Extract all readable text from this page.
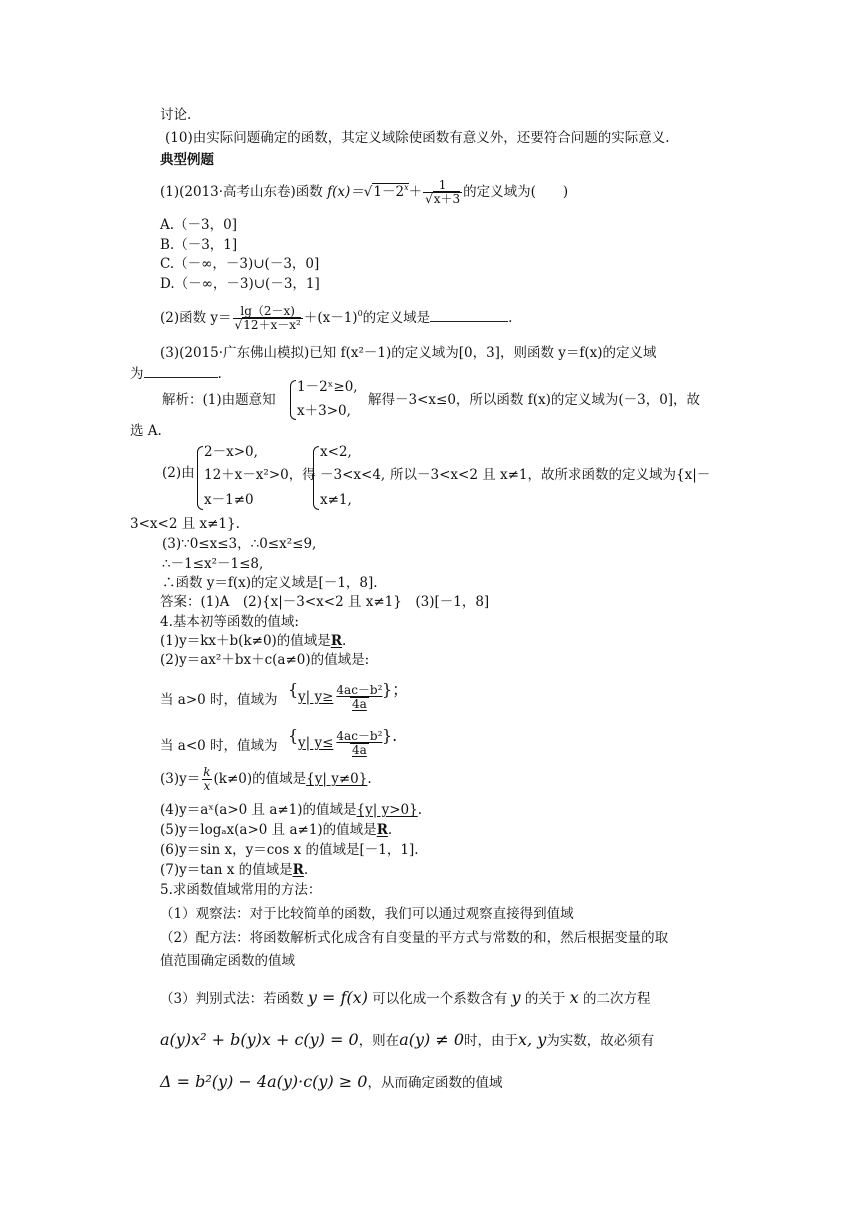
讨论.
(10)由实际问题确定的函数，其定义域除使函数有意义外，还要符合问题的实际意义.
典型例题
(1)(2013·高考山东卷)函数 $f(x)=√1-2^x+ \frac{1}{√x+3}$ 的定义域为(　　)
A.（－3，0]
B.（－3，1]
C.（－∞，－3)∪(－3，0]
D.（－∞，－3)∪(－3，1]
(2)函数 $y= \frac{\lg(2-x)}{\text{√12＋x－x²}} +(x-1)^0$的定义域是	.
(3)(2015·广东佛山模拟)已知 f(x²－1)的定义域为[0，3]，则函数 y＝f(x)的定义域
为	.
解析：(1)由题意知
1－2ˣ≥0,
x＋3>0,
解得－3<x≤0，所以函数 f(x)的定义域为(－3，0]，故
选 A.
(2)由
2－x>0,
12＋x－x²>0，得
x－1≠0
x<2,
－3<x<4,
x≠1,
所以－3<x<2 且 x≠1，故所求函数的定义域为{x|－
3<x<2 且 x≠1}.
(3)∵0≤x≤3，∴0≤x²≤9,
∴－1≤x²－1≤8,
∴函数 y＝f(x)的定义域是[－1，8].
答案：(1)A　(2){x|－3<x<2 且 x≠1}　(3)[－1，8]
4.基本初等函数的值域:
(1)y＝kx＋b(k≠0)的值域是R.
(2)y＝ax²＋bx＋c(a≠0)的值域是:
当 a>0 时，值域为
{ y| $y\ge \frac{\text{4ac－b²}}{4a}$
}；
当 a<0 时，值域为
{ y| $y\le \frac{\text{4ac－b²}}{4a}$
}.
$(3)y= \frac{k}{x} (k\ne 0)$的值域是{y| y≠0}.
(4)y＝aˣ(a>0 且 a≠1)的值域是{y| y>0}.
(5)y＝logₐx(a>0 且 a≠1)的值域是R.
(6)y＝sin x，y＝cos x 的值域是[－1，1].
(7)y＝tan x 的值域是R.
5.求函数值域常用的方法：
（1）观察法：对于比较简单的函数，我们可以通过观察直接得到值域
（2）配方法：将函数解析式化成含有自变量的平方式与常数的和，然后根据变量的取
值范围确定函数的值域
（3）判别式法：若函数 y = f(x) 可以化成一个系数含有 y 的关于 x 的二次方程
a(y)x² + b(y)x + c(y) = 0，则在a(y) ≠ 0时，由于x, y为实数，故必须有
Δ = b²(y) − 4a(y)·c(y) ≥ 0，从而确定函数的值域
